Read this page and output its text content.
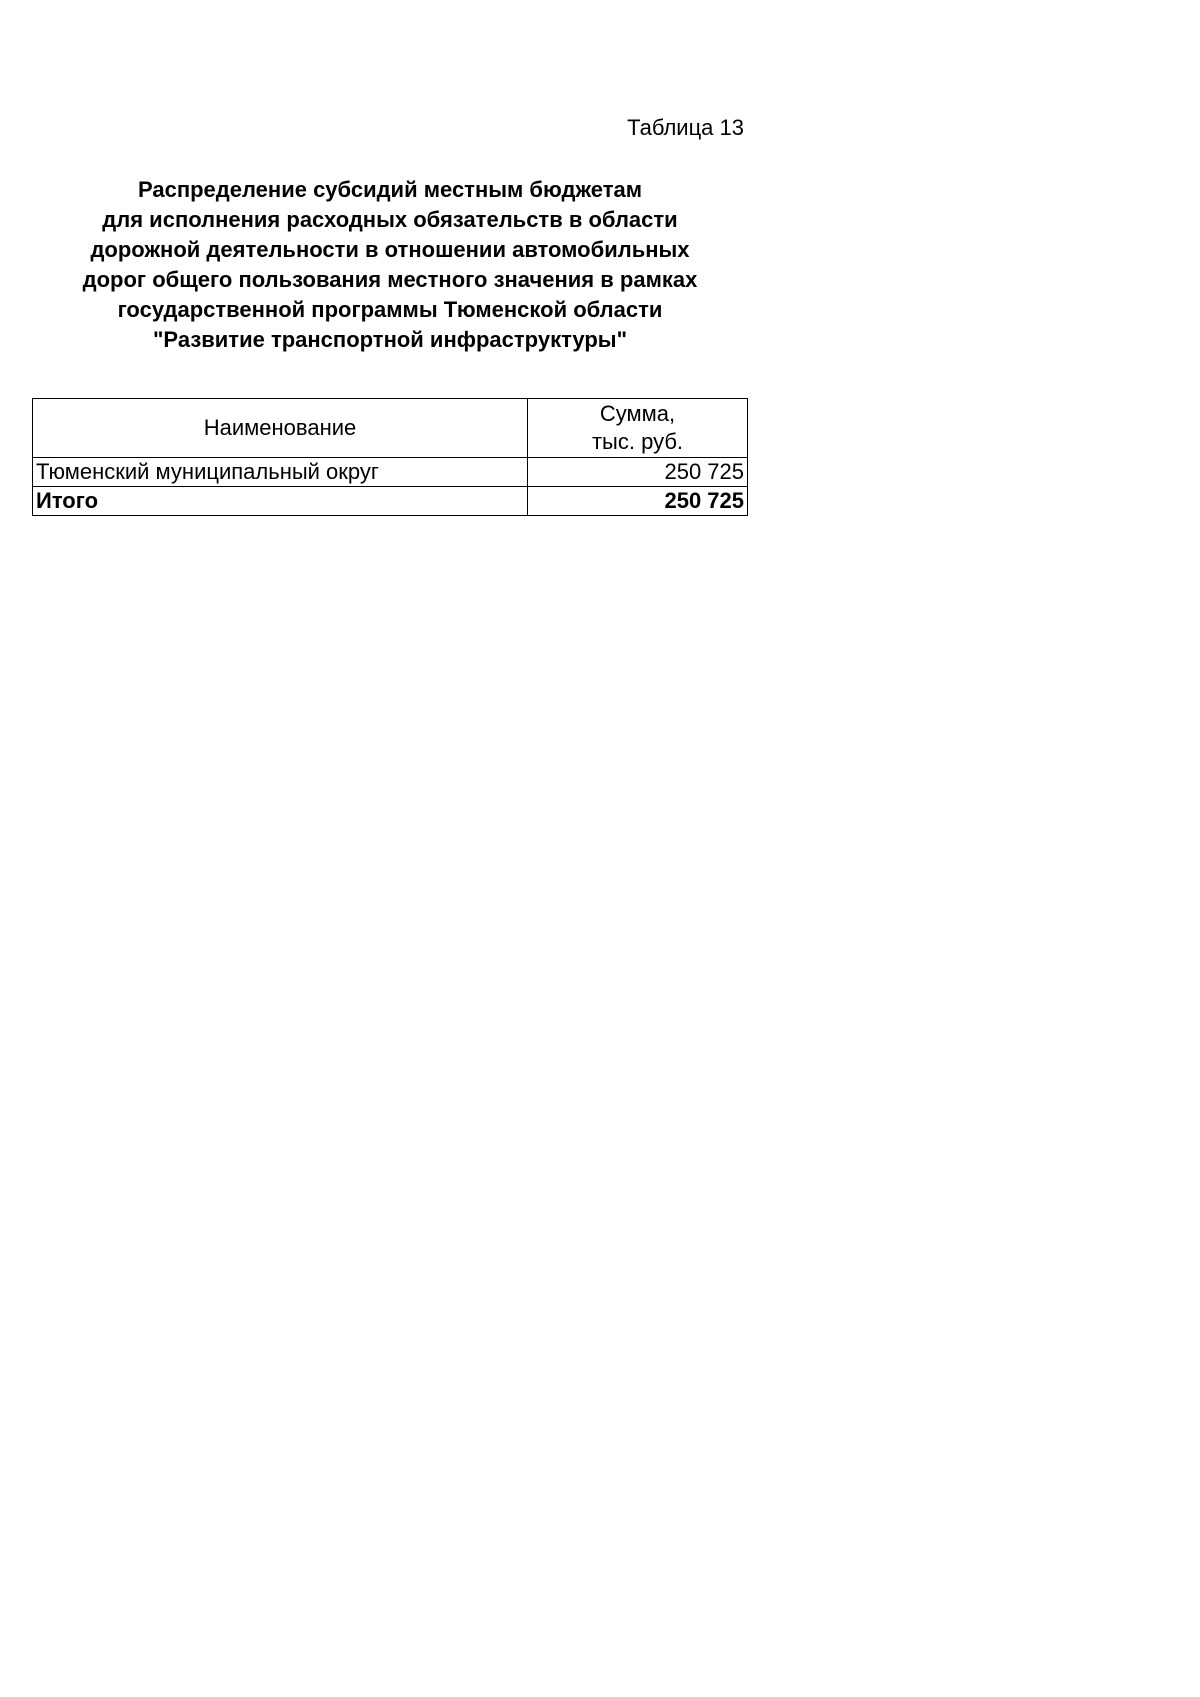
Таблица 13
Распределение субсидий местным бюджетам
для исполнения расходных обязательств в области
дорожной деятельности в отношении автомобильных
дорог общего пользования местного значения в рамках
государственной программы Тюменской области
"Развитие транспортной инфраструктуры"
Наименование	Сумма,
тыс. руб.

Тюменский муниципальный округ	250 725
Итого	250 725
